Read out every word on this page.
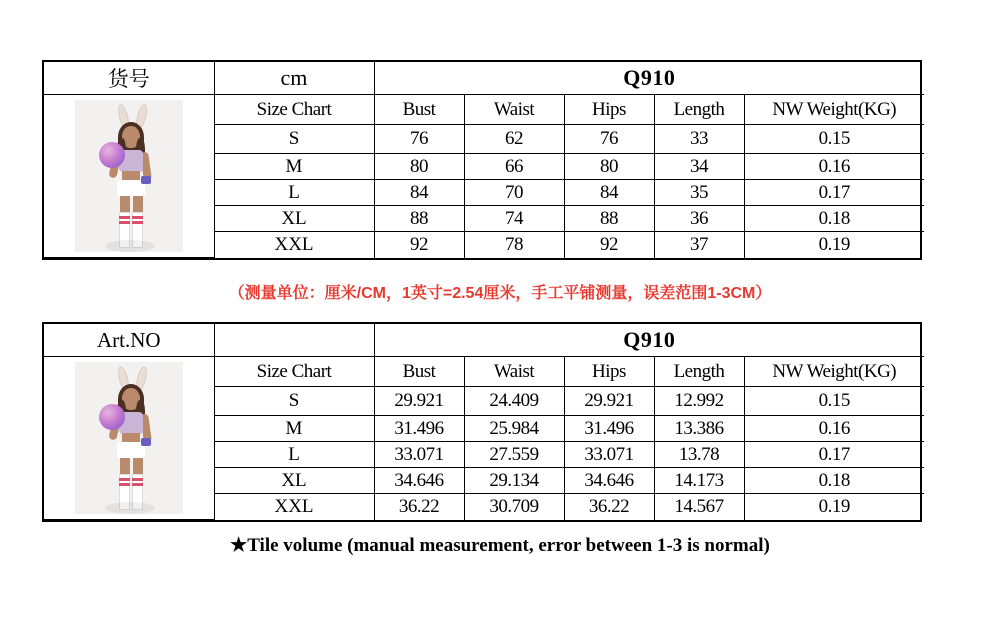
货号	cm	Q910				

	Size Chart	Bust	Waist	Hips	Length	NW Weight(KG)
	S	76	62	76	33	0.15
	M	80	66	80	34	0.16
	L	84	70	84	35	0.17
	XL	88	74	88	36	0.18
	XXL	92	78	92	37	0.19
（测量单位：厘米/CM，1英寸=2.54厘米，手工平铺测量，误差范围1-3CM）
Art.NO		Q910				

	Size Chart	Bust	Waist	Hips	Length	NW Weight(KG)
	S	29.921	24.409	29.921	12.992	0.15
	M	31.496	25.984	31.496	13.386	0.16
	L	33.071	27.559	33.071	13.78	0.17
	XL	34.646	29.134	34.646	14.173	0.18
	XXL	36.22	30.709	36.22	14.567	0.19
★Tile volume (manual measurement, error between 1-3 is normal)
